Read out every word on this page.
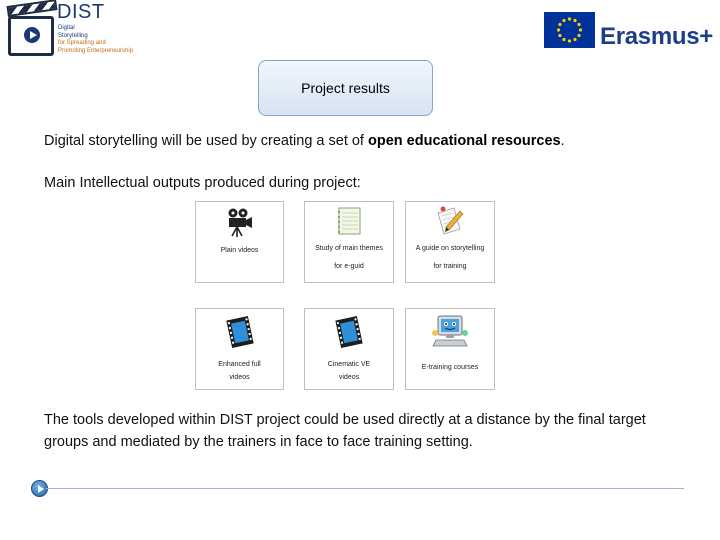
DIST
Digital
Storytelling
for Spreading and
Promoting Enterpreneurship
Erasmus+
Project results
Digital storytelling will be used by creating a set of open educational resources.
Main Intellectual outputs produced during project:
Plain videos	Study of main themes
for e-guid
A guide on storytelling
for training
Enhanced full
videos
Cinematic VE
videos
E-training courses
The tools developed within DIST project could be used directly at a distance by the final target groups and mediated by the trainers in face to face training setting.
